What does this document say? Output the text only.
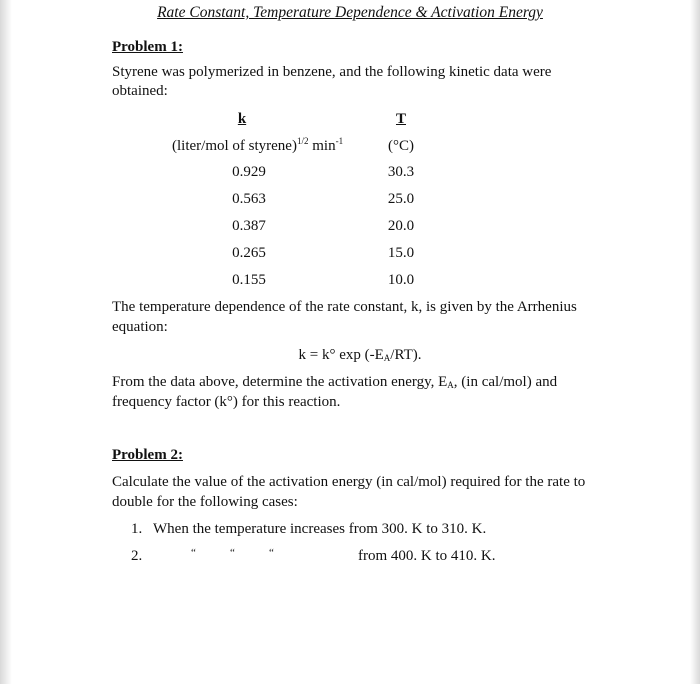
Rate Constant, Temperature Dependence & Activation Energy
Problem 1:
Styrene was polymerized in benzene, and the following kinetic data were
obtained:
k	T
(liter/mol of styrene)$^{1/2}$ $\min^{-1}$	(°C)
0.929	30.3
0.563	25.0
0.387	20.0
0.265	15.0
0.155	10.0
The temperature dependence of the rate constant, k, is given by the Arrhenius
equation:
k = k° $\exp (-E_A/RT)$.
From the data above, determine the activation energy, $E_A$, (in cal/mol) and
frequency factor (k°) for this reaction.
Problem 2:
Calculate the value of the activation energy (in cal/mol) required for the rate to
double for the following cases:
1. When the temperature increases from 300. K to 310. K.
2.	“	“	“	from 400. K to 410. K.
